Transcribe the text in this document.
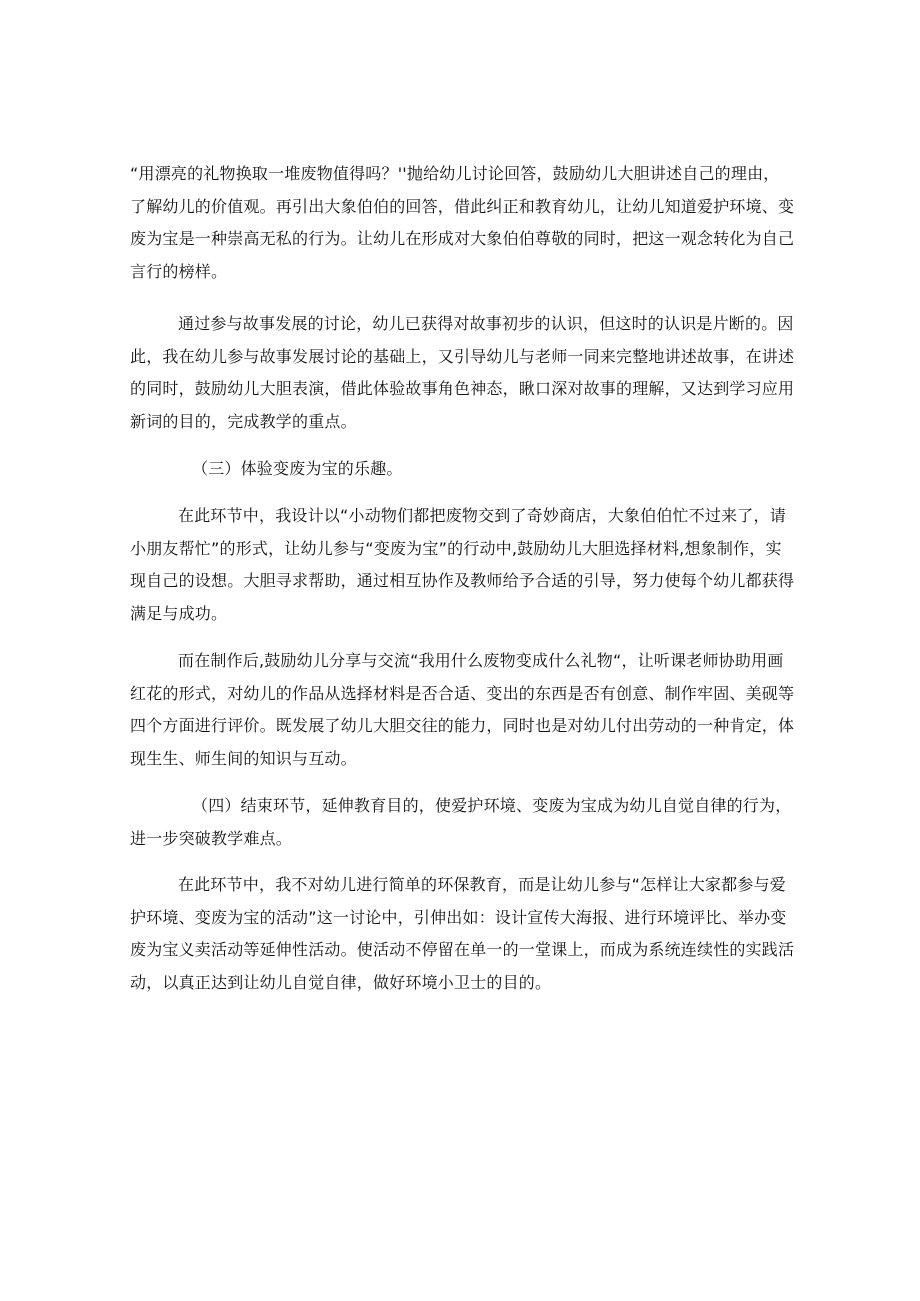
“用漂亮的礼物换取一堆废物值得吗？''抛给幼儿讨论回答，鼓励幼儿大胆讲述自己的理由，了解幼儿的价值观。再引出大象伯伯的回答，借此纠正和教育幼儿，让幼儿知道爱护环境、变废为宝是一种崇高无私的行为。让幼儿在形成对大象伯伯尊敬的同时，把这一观念转化为自己言行的榜样。

通过参与故事发展的讨论，幼儿已获得对故事初步的认识，但这时的认识是片断的。因此，我在幼儿参与故事发展讨论的基础上，又引导幼儿与老师一同来完整地讲述故事，在讲述的同时，鼓励幼儿大胆表演，借此体验故事角色神态，瞅口深对故事的理解，又达到学习应用新词的目的，完成教学的重点。

（三）体验变废为宝的乐趣。

在此环节中，我设计以“小动物们都把废物交到了奇妙商店，大象伯伯忙不过来了，请小朋友帮忙”的形式，让幼儿参与“变废为宝”的行动中,鼓励幼儿大胆选择材料,想象制作，实现自己的设想。大胆寻求帮助，通过相互协作及教师给予合适的引导，努力使每个幼儿都获得满足与成功。

而在制作后,鼓励幼儿分享与交流“我用什么废物变成什么礼物“，让听课老师协助用画红花的形式，对幼儿的作品从选择材料是否合适、变出的东西是否有创意、制作牢固、美砚等四个方面进行评价。既发展了幼儿大胆交往的能力，同时也是对幼儿付出劳动的一种肯定，体现生生、师生间的知识与互动。

（四）结束环节，延伸教育目的，使爱护环境、变废为宝成为幼儿自觉自律的行为，进一步突破教学难点。

在此环节中，我不对幼儿进行简单的环保教育，而是让幼儿参与“怎样让大家都参与爱护环境、变废为宝的活动”这一讨论中，引伸出如：设计宣传大海报、进行环境评比、举办变废为宝义卖活动等延伸性活动。使活动不停留在单一的一堂课上，而成为系统连续性的实践活动，以真正达到让幼儿自觉自律，做好环境小卫士的目的。
